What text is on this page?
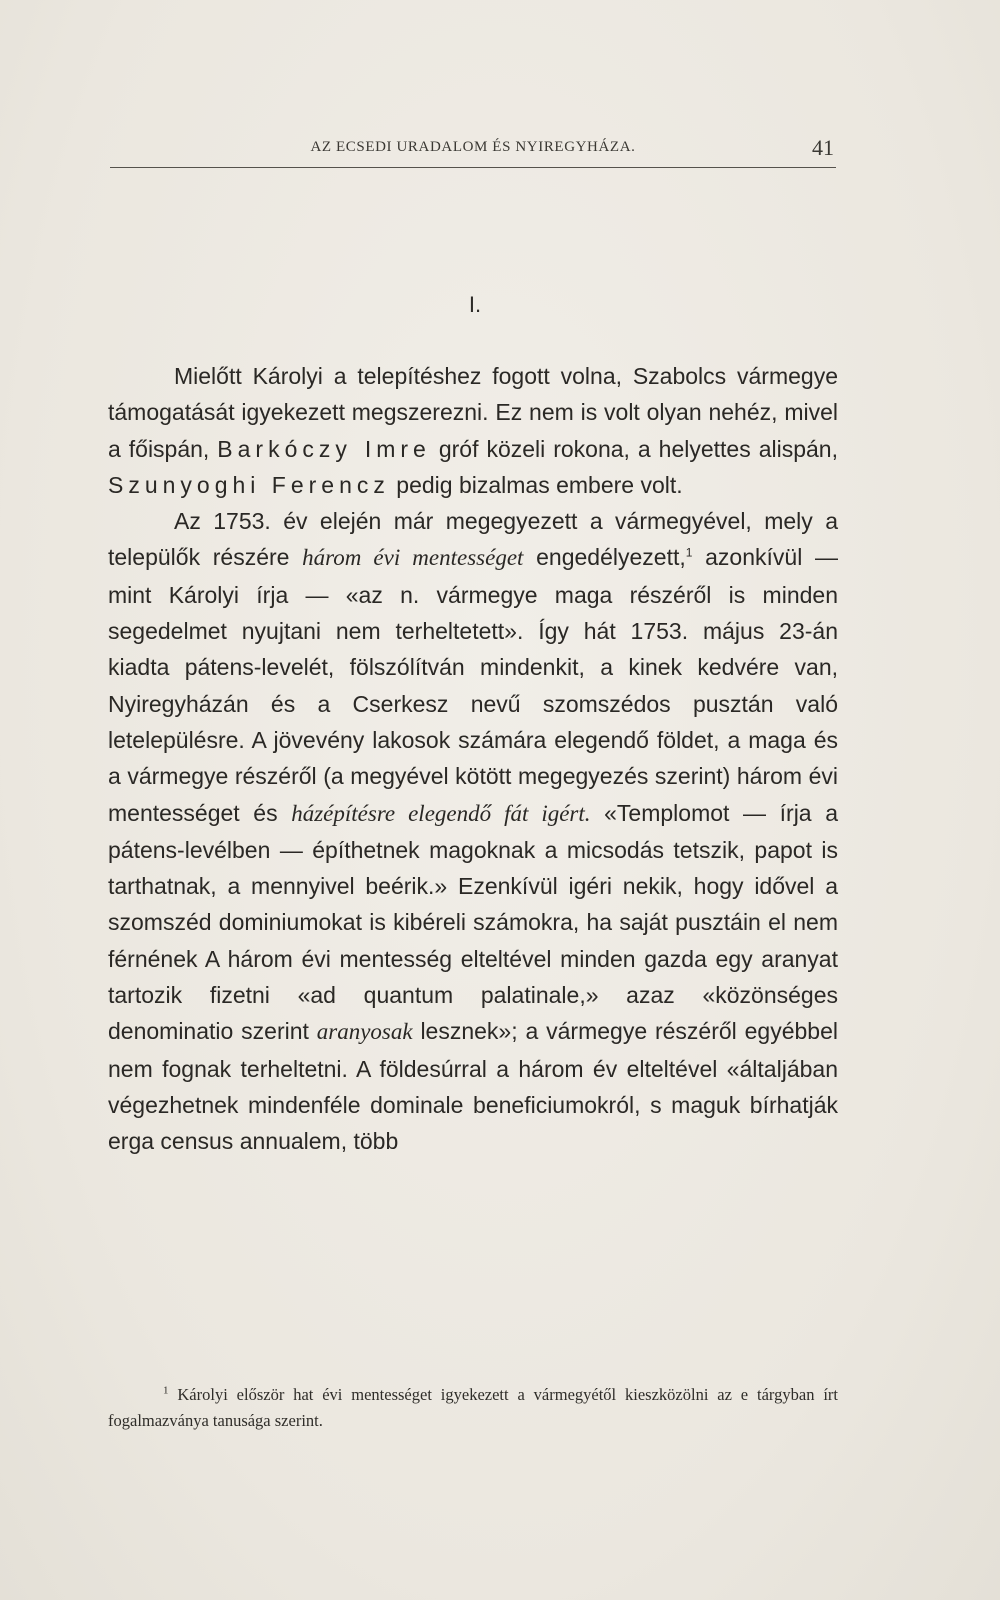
AZ ECSEDI URADALOM ÉS NYIREGYHÁZA.	41
I.

Mielőtt Károlyi a telepítéshez fogott volna, Szabolcs vármegye támogatását igyekezett megszerezni. Ez nem is volt olyan nehéz, mivel a főispán, Barkóczy Imre gróf közeli rokona, a helyettes alispán, Szunyoghi Ferencz pedig bizalmas embere volt.

Az 1753. év elején már megegyezett a vármegyével, mely a települők részére három évi mentességet engedélyezett,$^1$ azonkívül — mint Károlyi írja — «az n. vármegye maga részéről is minden segedelmet nyujtani nem terheltetett». Így hát 1753. május 23-án kiadta pátens-levelét, fölszólítván mindenkit, a kinek kedvére van, Nyiregyházán és a Cserkesz nevű szomszédos pusztán való letelepülésre. A jövevény lakosok számára elegendő földet, a maga és a vármegye részéről (a megyével kötött megegyezés szerint) három évi mentességet és házépítésre elegendő fát igért. «Templomot — írja a pátens-levélben — építhetnek magoknak a micsodás tetszik, papot is tarthatnak, a mennyivel beérik.» Ezenkívül igéri nekik, hogy idővel a szomszéd dominiumokat is kibéreli számokra, ha saját pusztáin el nem férnének A három évi mentesség elteltével minden gazda egy aranyat tartozik fizetni «ad quantum palatinale,» azaz «közönséges denominatio szerint aranyosak lesznek»; a vármegye részéről egyébbel nem fognak terheltetni. A földesúrral a három év elteltével «általjában végezhetnek mindenféle dominale beneficiumokról, s maguk bírhatják erga census annualem, több

$^1$ Károlyi először hat évi mentességet igyekezett a vármegyétől kieszközölni az e tárgyban írt fogalmazványa tanusága szerint.
